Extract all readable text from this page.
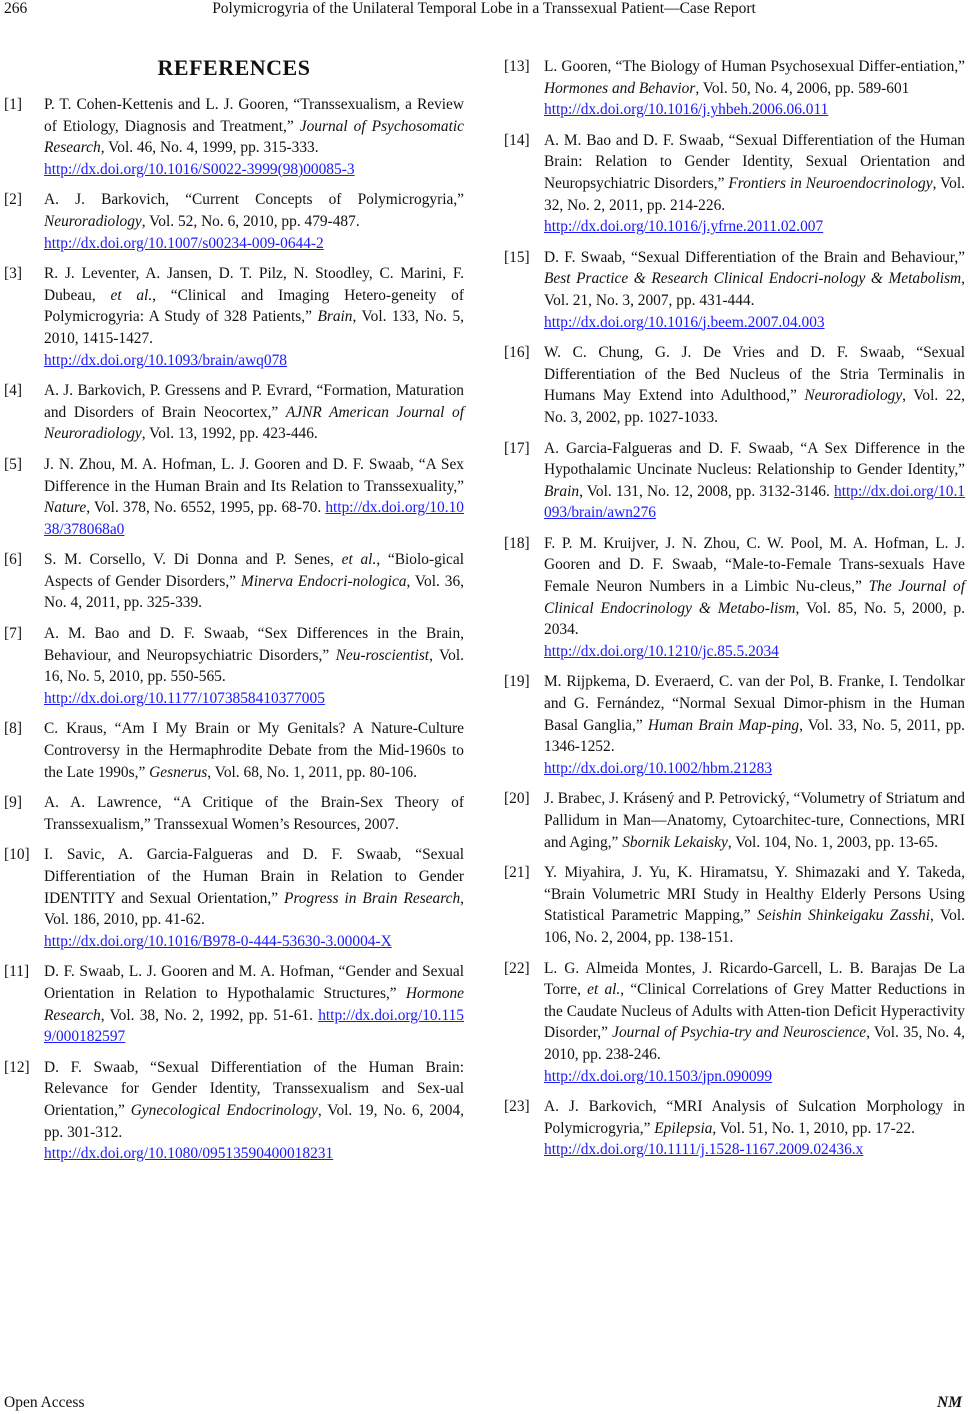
266	Polymicrogyria of the Unilateral Temporal Lobe in a Transsexual Patient—Case Report
REFERENCES
[1] P. T. Cohen-Kettenis and L. J. Gooren, “Transsexualism, a Review of Etiology, Diagnosis and Treatment,” Journal of Psychosomatic Research, Vol. 46, No. 4, 1999, pp. 315-333.
http://dx.doi.org/10.1016/S0022-3999(98)00085-3
[2] A. J. Barkovich, “Current Concepts of Polymicrogyria,” Neuroradiology, Vol. 52, No. 6, 2010, pp. 479-487.
http://dx.doi.org/10.1007/s00234-009-0644-2
[3] R. J. Leventer, A. Jansen, D. T. Pilz, N. Stoodley, C. Marini, F. Dubeau, et al., “Clinical and Imaging Hetero-geneity of Polymicrogyria: A Study of 328 Patients,” Brain, Vol. 133, No. 5, 2010, 1415-1427.
http://dx.doi.org/10.1093/brain/awq078
[4] A. J. Barkovich, P. Gressens and P. Evrard, “Formation, Maturation and Disorders of Brain Neocortex,” AJNR American Journal of Neuroradiology, Vol. 13, 1992, pp. 423-446.
[5] J. N. Zhou, M. A. Hofman, L. J. Gooren and D. F. Swaab, “A Sex Difference in the Human Brain and Its Relation to Transsexuality,” Nature, Vol. 378, No. 6552, 1995, pp. 68-70. http://dx.doi.org/10.1038/378068a0
[6] S. M. Corsello, V. Di Donna and P. Senes, et al., “Biolo-gical Aspects of Gender Disorders,” Minerva Endocri-nologica, Vol. 36, No. 4, 2011, pp. 325-339.
[7] A. M. Bao and D. F. Swaab, “Sex Differences in the Brain, Behaviour, and Neuropsychiatric Disorders,” Neu-roscientist, Vol. 16, No. 5, 2010, pp. 550-565.
http://dx.doi.org/10.1177/1073858410377005
[8] C. Kraus, “Am I My Brain or My Genitals? A Nature-Culture Controversy in the Hermaphrodite Debate from the Mid-1960s to the Late 1990s,” Gesnerus, Vol. 68, No. 1, 2011, pp. 80-106.
[9] A. A. Lawrence, “A Critique of the Brain-Sex Theory of Transsexualism,” Transsexual Women’s Resources, 2007.
[10] I. Savic, A. Garcia-Falgueras and D. F. Swaab, “Sexual Differentiation of the Human Brain in Relation to Gender IDENTITY and Sexual Orientation,” Progress in Brain Research, Vol. 186, 2010, pp. 41-62.
http://dx.doi.org/10.1016/B978-0-444-53630-3.00004-X
[11] D. F. Swaab, L. J. Gooren and M. A. Hofman, “Gender and Sexual Orientation in Relation to Hypothalamic Structures,” Hormone Research, Vol. 38, No. 2, 1992, pp. 51-61. http://dx.doi.org/10.1159/000182597
[12] D. F. Swaab, “Sexual Differentiation of the Human Brain: Relevance for Gender Identity, Transsexualism and Sex-ual Orientation,” Gynecological Endocrinology, Vol. 19, No. 6, 2004, pp. 301-312.
http://dx.doi.org/10.1080/09513590400018231
[13] L. Gooren, “The Biology of Human Psychosexual Differ-entiation,” Hormones and Behavior, Vol. 50, No. 4, 2006, pp. 589-601
http://dx.doi.org/10.1016/j.yhbeh.2006.06.011
[14] A. M. Bao and D. F. Swaab, “Sexual Differentiation of the Human Brain: Relation to Gender Identity, Sexual Orientation and Neuropsychiatric Disorders,” Frontiers in Neuroendocrinology, Vol. 32, No. 2, 2011, pp. 214-226.
http://dx.doi.org/10.1016/j.yfrne.2011.02.007
[15] D. F. Swaab, “Sexual Differentiation of the Brain and Behaviour,” Best Practice & Research Clinical Endocri-nology & Metabolism, Vol. 21, No. 3, 2007, pp. 431-444.
http://dx.doi.org/10.1016/j.beem.2007.04.003
[16] W. C. Chung, G. J. De Vries and D. F. Swaab, “Sexual Differentiation of the Bed Nucleus of the Stria Terminalis in Humans May Extend into Adulthood,” Neuroradiology, Vol. 22, No. 3, 2002, pp. 1027-1033.
[17] A. Garcia-Falgueras and D. F. Swaab, “A Sex Difference in the Hypothalamic Uncinate Nucleus: Relationship to Gender Identity,” Brain, Vol. 131, No. 12, 2008, pp. 3132-3146. http://dx.doi.org/10.1093/brain/awn276
[18] F. P. M. Kruijver, J. N. Zhou, C. W. Pool, M. A. Hofman, L. J. Gooren and D. F. Swaab, “Male-to-Female Trans-sexuals Have Female Neuron Numbers in a Limbic Nu-cleus,” The Journal of Clinical Endocrinology & Metabo-lism, Vol. 85, No. 5, 2000, p. 2034.
http://dx.doi.org/10.1210/jc.85.5.2034
[19] M. Rijpkema, D. Everaerd, C. van der Pol, B. Franke, I. Tendolkar and G. Fernández, “Normal Sexual Dimor-phism in the Human Basal Ganglia,” Human Brain Map-ping, Vol. 33, No. 5, 2011, pp. 1346-1252.
http://dx.doi.org/10.1002/hbm.21283
[20] J. Brabec, J. Krásený and P. Petrovický, “Volumetry of Striatum and Pallidum in Man—Anatomy, Cytoarchitec-ture, Connections, MRI and Aging,” Sbornik Lekaisky, Vol. 104, No. 1, 2003, pp. 13-65.
[21] Y. Miyahira, J. Yu, K. Hiramatsu, Y. Shimazaki and Y. Takeda, “Brain Volumetric MRI Study in Healthy Elderly Persons Using Statistical Parametric Mapping,” Seishin Shinkeigaku Zasshi, Vol. 106, No. 2, 2004, pp. 138-151.
[22] L. G. Almeida Montes, J. Ricardo-Garcell, L. B. Barajas De La Torre, et al., “Clinical Correlations of Grey Matter Reductions in the Caudate Nucleus of Adults with Atten-tion Deficit Hyperactivity Disorder,” Journal of Psychia-try and Neuroscience, Vol. 35, No. 4, 2010, pp. 238-246.
http://dx.doi.org/10.1503/jpn.090099
[23] A. J. Barkovich, “MRI Analysis of Sulcation Morphology in Polymicrogyria,” Epilepsia, Vol. 51, No. 1, 2010, pp. 17-22.
http://dx.doi.org/10.1111/j.1528-1167.2009.02436.x
Open Access	NM
